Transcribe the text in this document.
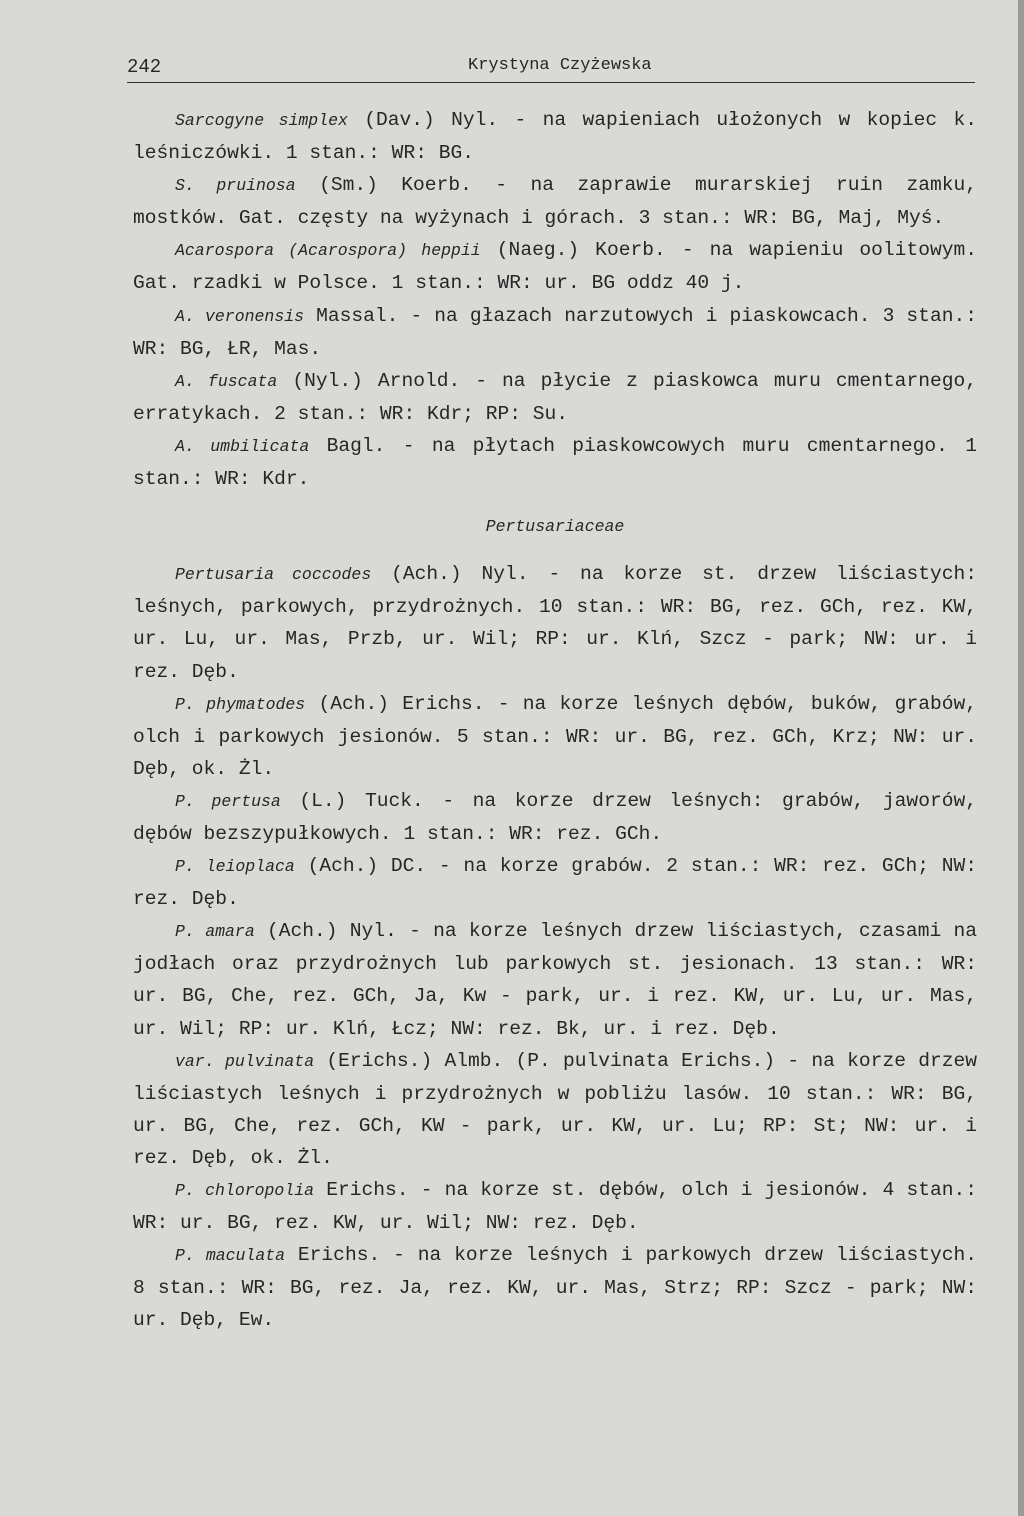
242	Krystyna Czyżewska
Sarcogyne simplex (Dav.) Nyl. - na wapieniach ułożonych w kopiec k. leśniczówki. 1 stan.: WR: BG.
S. pruinosa (Sm.) Koerb. - na zaprawie murarskiej ruin zamku, mostków. Gat. częsty na wyżynach i górach. 3 stan.: WR: BG, Maj, Myś.
Acarospora (Acarospora) heppii (Naeg.) Koerb. - na wapieniu oolitowym. Gat. rzadki w Polsce. 1 stan.: WR: ur. BG oddz 40 j.
A. veronensis Massal. - na głazach narzutowych i piaskowcach. 3 stan.: WR: BG, ŁR, Mas.
A. fuscata (Nyl.) Arnold. - na płycie z piaskowca muru cmentarnego, erratykach. 2 stan.: WR: Kdr; RP: Su.
A. umbilicata Bagl. - na płytach piaskowcowych muru cmentarnego. 1 stan.: WR: Kdr.
Pertusariaceae
Pertusaria coccodes (Ach.) Nyl. - na korze st. drzew liściastych: leśnych, parkowych, przydrożnych. 10 stan.: WR: BG, rez. GCh, rez. KW, ur. Lu, ur. Mas, Przb, ur. Wil; RP: ur. Klń, Szcz - park; NW: ur. i rez. Dęb.
P. phymatodes (Ach.) Erichs. - na korze leśnych dębów, buków, grabów, olch i parkowych jesionów. 5 stan.: WR: ur. BG, rez. GCh, Krz; NW: ur. Dęb, ok. Żl.
P. pertusa (L.) Tuck. - na korze drzew leśnych: grabów, jaworów, dębów bezszypułkowych. 1 stan.: WR: rez. GCh.
P. leioplaca (Ach.) DC. - na korze grabów. 2 stan.: WR: rez. GCh; NW: rez. Dęb.
P. amara (Ach.) Nyl. - na korze leśnych drzew liściastych, czasami na jodłach oraz przydrożnych lub parkowych st. jesionach. 13 stan.: WR: ur. BG, Che, rez. GCh, Ja, Kw - park, ur. i rez. KW, ur. Lu, ur. Mas, ur. Wil; RP: ur. Klń, Łcz; NW: rez. Bk, ur. i rez. Dęb.
var. pulvinata (Erichs.) Almb. (P. pulvinata Erichs.) - na korze drzew liściastych leśnych i przydrożnych w pobliżu lasów. 10 stan.: WR: BG, ur. BG, Che, rez. GCh, KW - park, ur. KW, ur. Lu; RP: St; NW: ur. i rez. Dęb, ok. Żl.
P. chloropolia Erichs. - na korze st. dębów, olch i jesionów. 4 stan.: WR: ur. BG, rez. KW, ur. Wil; NW: rez. Dęb.
P. maculata Erichs. - na korze leśnych i parkowych drzew liściastych. 8 stan.: WR: BG, rez. Ja, rez. KW, ur. Mas, Strz; RP: Szcz - park; NW: ur. Dęb, Ew.
